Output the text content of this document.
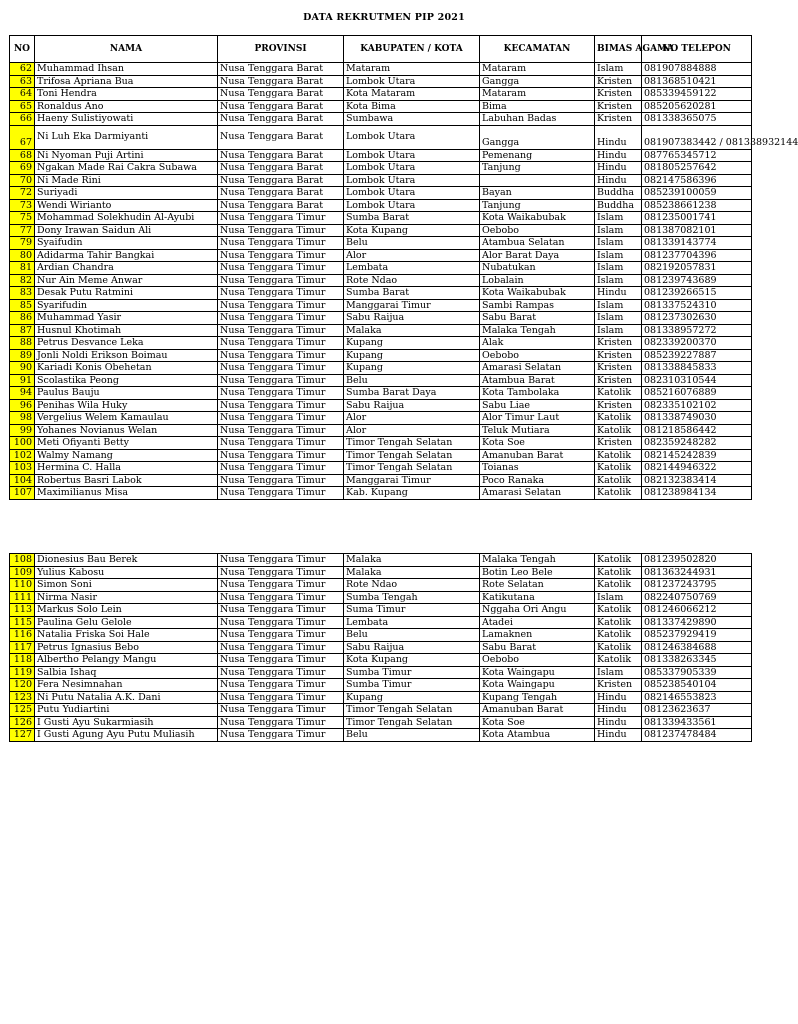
DATA REKRUTMEN PIP 2021
NO	NAMA	PROVINSI	KABUPATEN / KOTA	KECAMATAN	BIMAS AGAMA	NO TELEPON
62	Muhammad Ihsan	Nusa Tenggara Barat	Mataram	Mataram	Islam	081907884888
63	Trifosa Apriana Bua	Nusa Tenggara Barat	Lombok Utara	Gangga	Kristen	081368510421
64	Toni Hendra	Nusa Tenggara Barat	Kota Mataram	Mataram	Kristen	085339459122
65	Ronaldus Ano	Nusa Tenggara Barat	Kota Bima	Bima	Kristen	085205620281
66	Haeny Sulistiyowati	Nusa Tenggara Barat	Sumbawa	Labuhan Badas	Kristen	081338365075
67	Ni Luh Eka Darmiyanti	Nusa Tenggara Barat	Lombok Utara	Gangga	Hindu	081907383442 / 081338932144
68	Ni Nyoman Puji Artini	Nusa Tenggara Barat	Lombok Utara	Pemenang	Hindu	087765345712
69	Ngakan Made Rai Cakra Subawa	Nusa Tenggara Barat	Lombok Utara	Tanjung	Hindu	081805257642
70	Ni Made Rini	Nusa Tenggara Barat	Lombok Utara		Hindu	082147586396
72	Suriyadi	Nusa Tenggara Barat	Lombok Utara	Bayan	Buddha	085239100059
73	Wendi Wirianto	Nusa Tenggara Barat	Lombok Utara	Tanjung	Buddha	085238661238
75	Mohammad Solekhudin Al-Ayubi	Nusa Tenggara Timur	Sumba Barat	Kota Waikabubak	Islam	081235001741
77	Dony Irawan Saidun Ali	Nusa Tenggara Timur	Kota Kupang	Oebobo	Islam	081387082101
79	Syaifudin	Nusa Tenggara Timur	Belu	Atambua Selatan	Islam	081339143774
80	Adidarma Tahir Bangkai	Nusa Tenggara Timur	Alor	Alor Barat Daya	Islam	081237704396
81	Ardian Chandra	Nusa Tenggara Timur	Lembata	Nubatukan	Islam	082192057831
82	Nur Ain Meme Anwar	Nusa Tenggara Timur	Rote Ndao	Lobalain	Islam	081239743689
83	Desak Putu Ratmini	Nusa Tenggara Timur	Sumba Barat	Kota Waikabubak	Hindu	081239266515
85	Syarifudin	Nusa Tenggara Timur	Manggarai Timur	Sambi Rampas	Islam	081337524310
86	Muhammad Yasir	Nusa Tenggara Timur	Sabu Raijua	Sabu Barat	Islam	081237302630
87	Husnul Khotimah	Nusa Tenggara Timur	Malaka	Malaka Tengah	Islam	081338957272
88	Petrus Desvance Leka	Nusa Tenggara Timur	Kupang	Alak	Kristen	082339200370
89	Jonli Noldi Erikson Boimau	Nusa Tenggara Timur	Kupang	Oebobo	Kristen	085239227887
90	Kariadi Konis Obehetan	Nusa Tenggara Timur	Kupang	Amarasi Selatan	Kristen	081338845833
91	Scolastika Peong	Nusa Tenggara Timur	Belu	Atambua Barat	Kristen	082310310544
94	Paulus Bauju	Nusa Tenggara Timur	Sumba Barat Daya	Kota Tambolaka	Katolik	085216076889
96	Penihas Wila Huky	Nusa Tenggara Timur	Sabu Raijua	Sabu Liae	Kristen	082335102102
98	Vergelius Welem Kamaulau	Nusa Tenggara Timur	Alor	Alor Timur Laut	Katolik	081338749030
99	Yohanes Novianus Welan	Nusa Tenggara Timur	Alor	Teluk Mutiara	Katolik	081218586442
100	Meti Ofiyanti Betty	Nusa Tenggara Timur	Timor Tengah Selatan	Kota Soe	Kristen	082359248282
102	Walmy Namang	Nusa Tenggara Timur	Timor Tengah Selatan	Amanuban Barat	Katolik	082145242839
103	Hermina C. Halla	Nusa Tenggara Timur	Timor Tengah Selatan	Toianas	Katolik	082144946322
104	Robertus Basri Labok	Nusa Tenggara Timur	Manggarai Timur	Poco Ranaka	Katolik	082132383414
107	Maximilianus Misa	Nusa Tenggara Timur	Kab. Kupang	Amarasi Selatan	Katolik	081238984134
108	Dionesius Bau Berek	Nusa Tenggara Timur	Malaka	Malaka Tengah	Katolik	081239502820
109	Yulius Kabosu	Nusa Tenggara Timur	Malaka	Botin Leo Bele	Katolik	081363244931
110	Simon Soni	Nusa Tenggara Timur	Rote Ndao	Rote Selatan	Katolik	081237243795
111	Nirma Nasir	Nusa Tenggara Timur	Sumba Tengah	Katikutana	Islam	082240750769
113	Markus Solo Lein	Nusa Tenggara Timur	Suma Timur	Nggaha Ori Angu	Katolik	081246066212
115	Paulina Gelu Gelole	Nusa Tenggara Timur	Lembata	Atadei	Katolik	081337429890
116	Natalia Friska Soi Hale	Nusa Tenggara Timur	Belu	Lamaknen	Katolik	085237929419
117	Petrus Ignasius Bebo	Nusa Tenggara Timur	Sabu Raijua	Sabu Barat	Katolik	081246384688
118	Albertho Pelangy Mangu	Nusa Tenggara Timur	Kota Kupang	Oebobo	Katolik	081338263345
119	Salbia Ishaq	Nusa Tenggara Timur	Sumba Timur	Kota Waingapu	Islam	085337905339
120	Fera Nesimnahan	Nusa Tenggara Timur	Sumba Timur	Kota Waingapu	Kristen	085238540104
123	Ni Putu Natalia A.K. Dani	Nusa Tenggara Timur	Kupang	Kupang Tengah	Hindu	082146553823
125	Putu Yudiartini	Nusa Tenggara Timur	Timor Tengah Selatan	Amanuban Barat	Hindu	081236236​37
126	I Gusti Ayu Sukarmiasih	Nusa Tenggara Timur	Timor Tengah Selatan	Kota Soe	Hindu	081339433561
127	I Gusti Agung Ayu Putu Muliasih	Nusa Tenggara Timur	Belu	Kota Atambua	Hindu	081237478484
